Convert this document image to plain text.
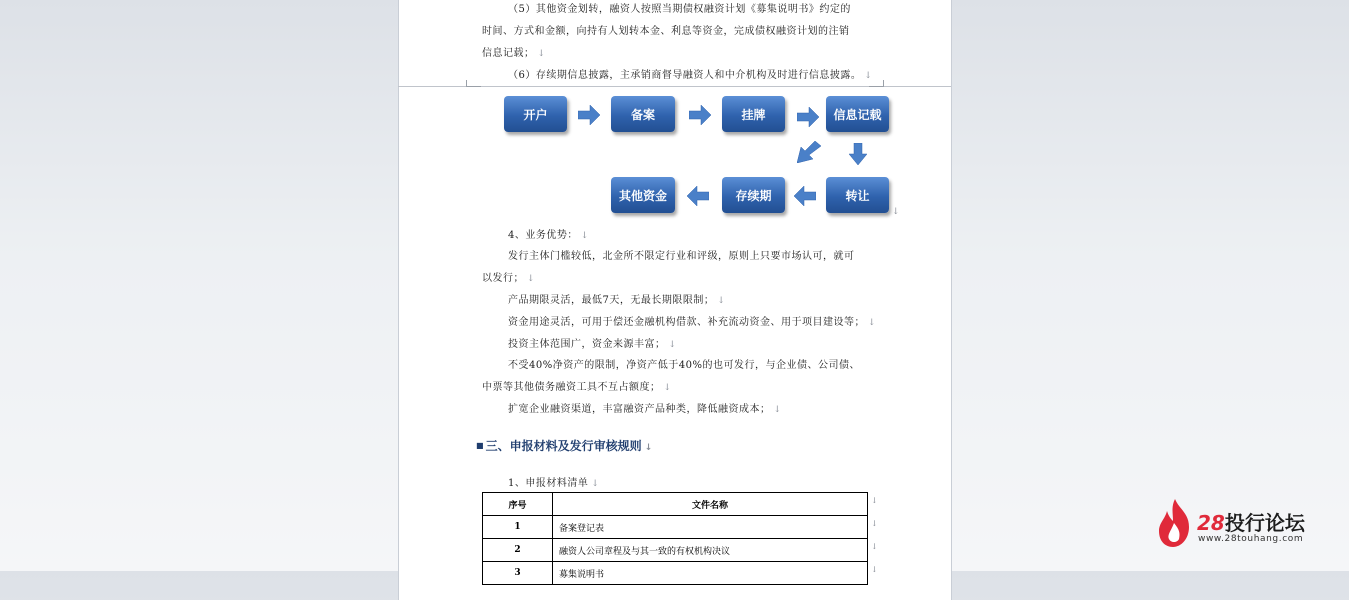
（5）其他资金划转，融资人按照当期债权融资计划《募集说明书》约定的
时间、方式和金额，向持有人划转本金、利息等资金，完成债权融资计划的注销
信息记载； ↓
（6）存续期信息披露，主承销商督导融资人和中介机构及时进行信息披露。 ↓
开户	备案	挂牌	信息记载
转让
存续期
其他资金
↓
4、业务优势： ↓
发行主体门槛较低，北金所不限定行业和评级，原则上只要市场认可，就可
以发行； ↓
产品期限灵活，最低7天，无最长期限限制； ↓
资金用途灵活，可用于偿还金融机构借款、补充流动资金、用于项目建设等； ↓
投资主体范围广，资金来源丰富； ↓
不受40%净资产的限制，净资产低于40%的也可发行，与企业债、公司债、
中票等其他债务融资工具不互占额度； ↓
扩宽企业融资渠道，丰富融资产品种类，降低融资成本； ↓
■ 三、申报材料及发行审核规则 ↓
1、申报材料清单 ↓
序号	文件名称
1	备案登记表
2	融资人公司章程及与其一致的有权机构决议
3	募集说明书
↓
↓
↓
↓
28投行论坛
www.28touhang.com
